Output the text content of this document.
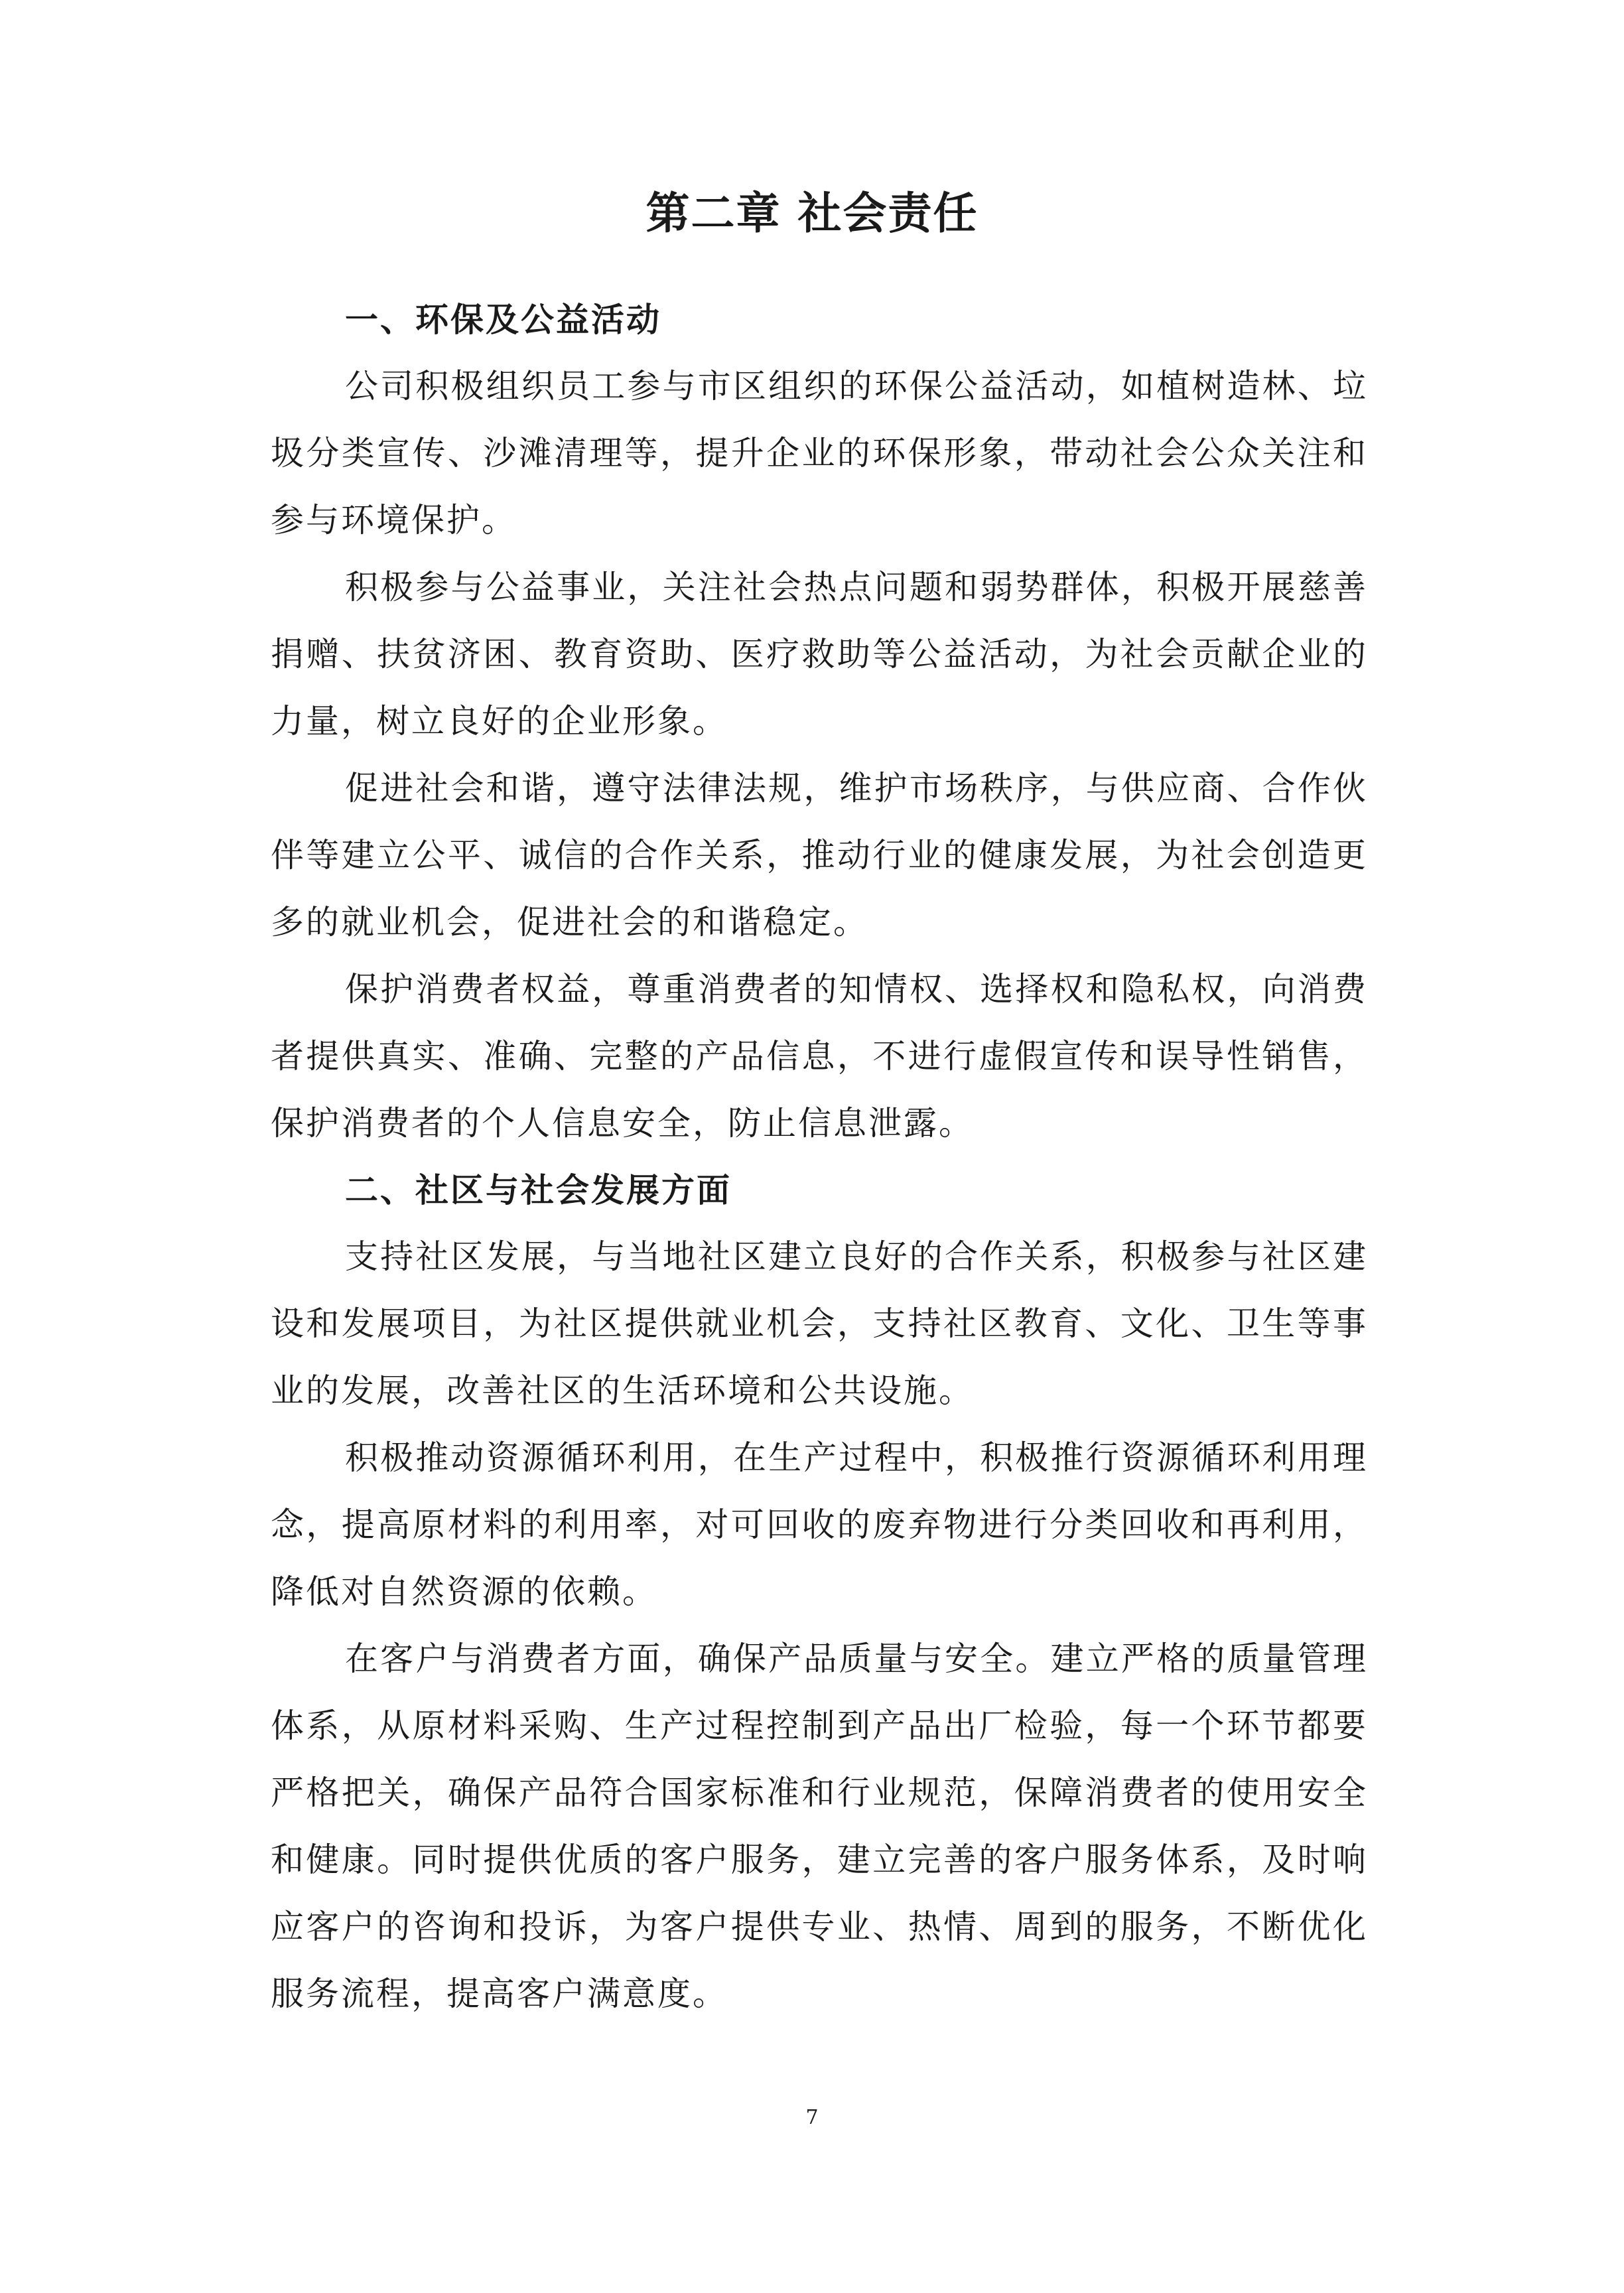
第二章 社会责任
一、环保及公益活动

公司积极组织员工参与市区组织的环保公益活动，如植树造林、垃圾分类宣传、沙滩清理等，提升企业的环保形象，带动社会公众关注和参与环境保护。

积极参与公益事业，关注社会热点问题和弱势群体，积极开展慈善捐赠、扶贫济困、教育资助、医疗救助等公益活动，为社会贡献企业的力量，树立良好的企业形象。

促进社会和谐，遵守法律法规，维护市场秩序，与供应商、合作伙伴等建立公平、诚信的合作关系，推动行业的健康发展，为社会创造更多的就业机会，促进社会的和谐稳定。

保护消费者权益，尊重消费者的知情权、选择权和隐私权，向消费者提供真实、准确、完整的产品信息，不进行虚假宣传和误导性销售，保护消费者的个人信息安全，防止信息泄露。

二、社区与社会发展方面

支持社区发展，与当地社区建立良好的合作关系，积极参与社区建设和发展项目，为社区提供就业机会，支持社区教育、文化、卫生等事业的发展，改善社区的生活环境和公共设施。

积极推动资源循环利用，在生产过程中，积极推行资源循环利用理念，提高原材料的利用率，对可回收的废弃物进行分类回收和再利用，降低对自然资源的依赖。

在客户与消费者方面，确保产品质量与安全。建立严格的质量管理体系，从原材料采购、生产过程控制到产品出厂检验，每一个环节都要严格把关，确保产品符合国家标准和行业规范，保障消费者的使用安全和健康。同时提供优质的客户服务，建立完善的客户服务体系，及时响应客户的咨询和投诉，为客户提供专业、热情、周到的服务，不断优化服务流程，提高客户满意度。

7
